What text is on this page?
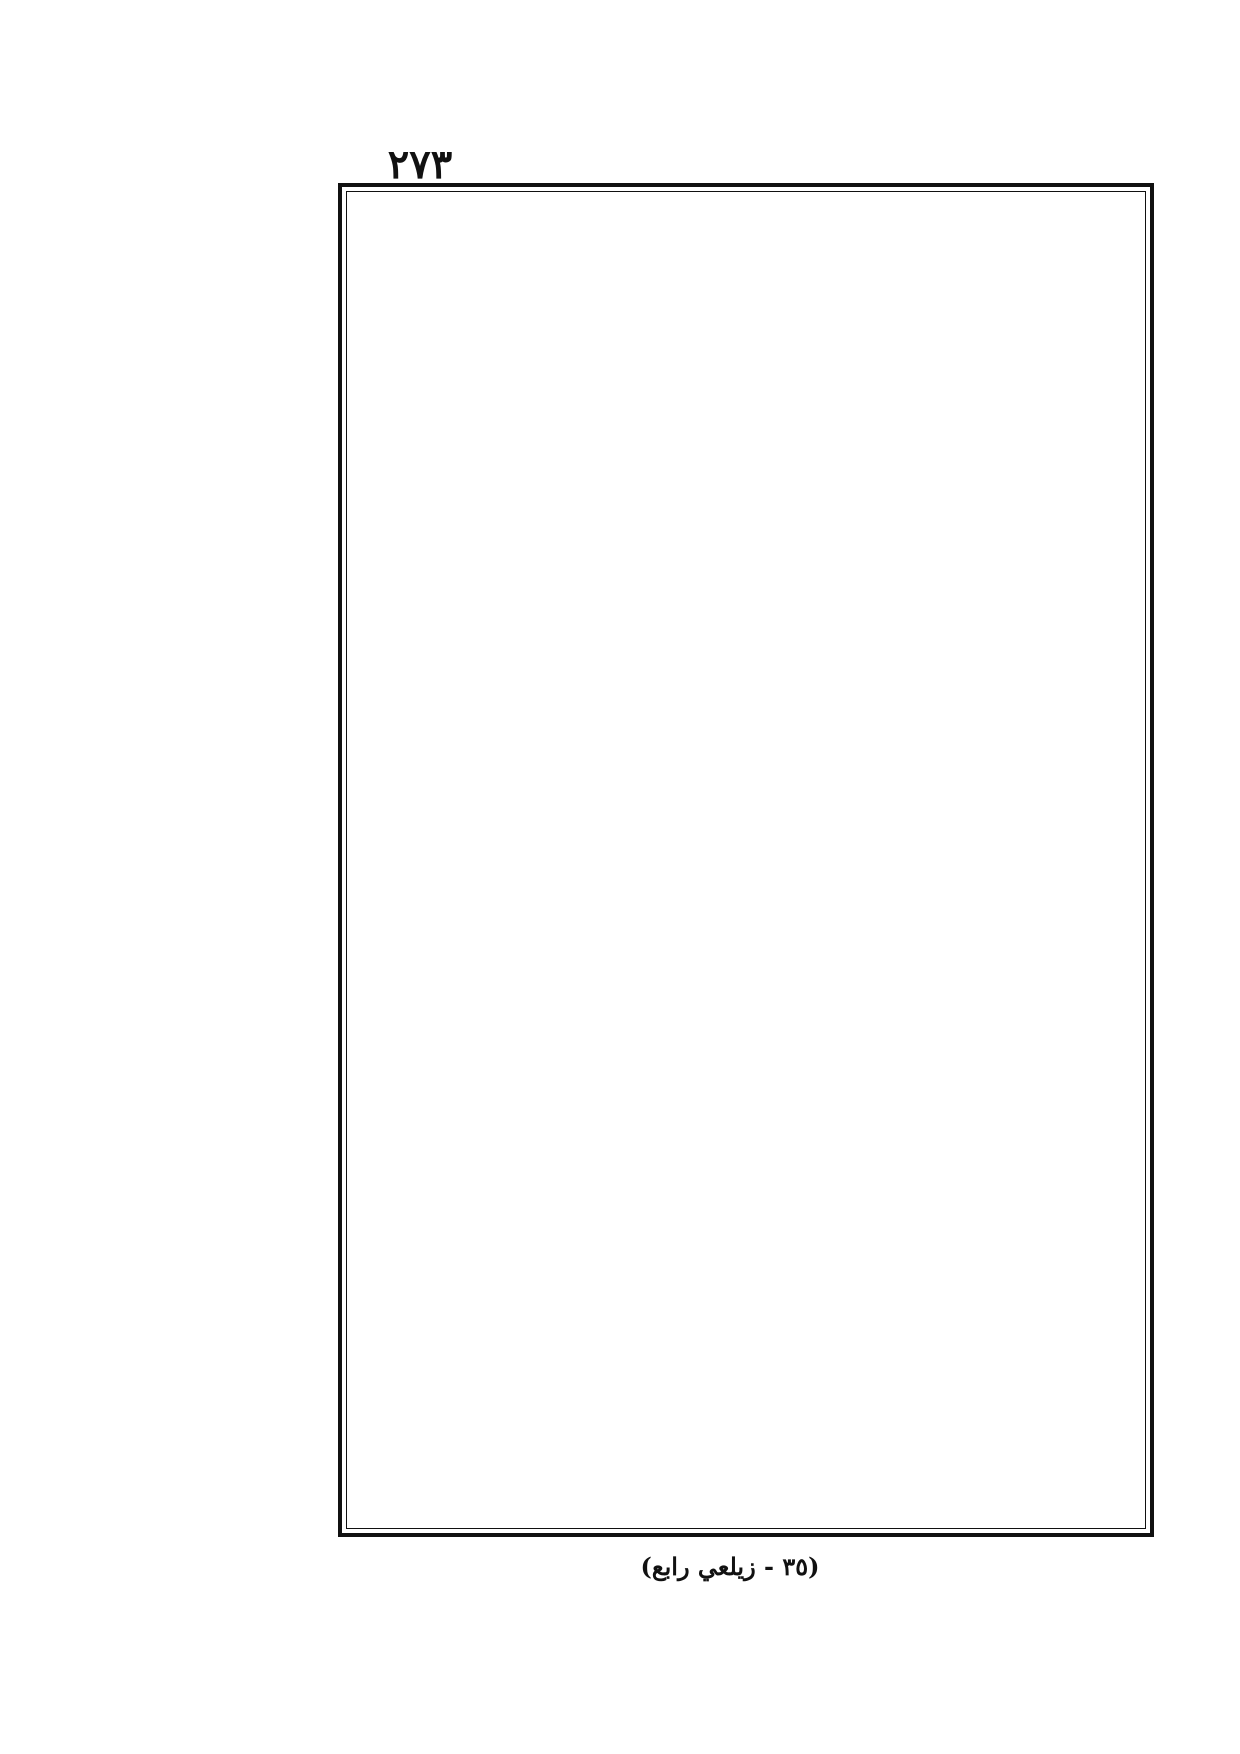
٢٧٣
(٣٥ - زيلعي رابع)
